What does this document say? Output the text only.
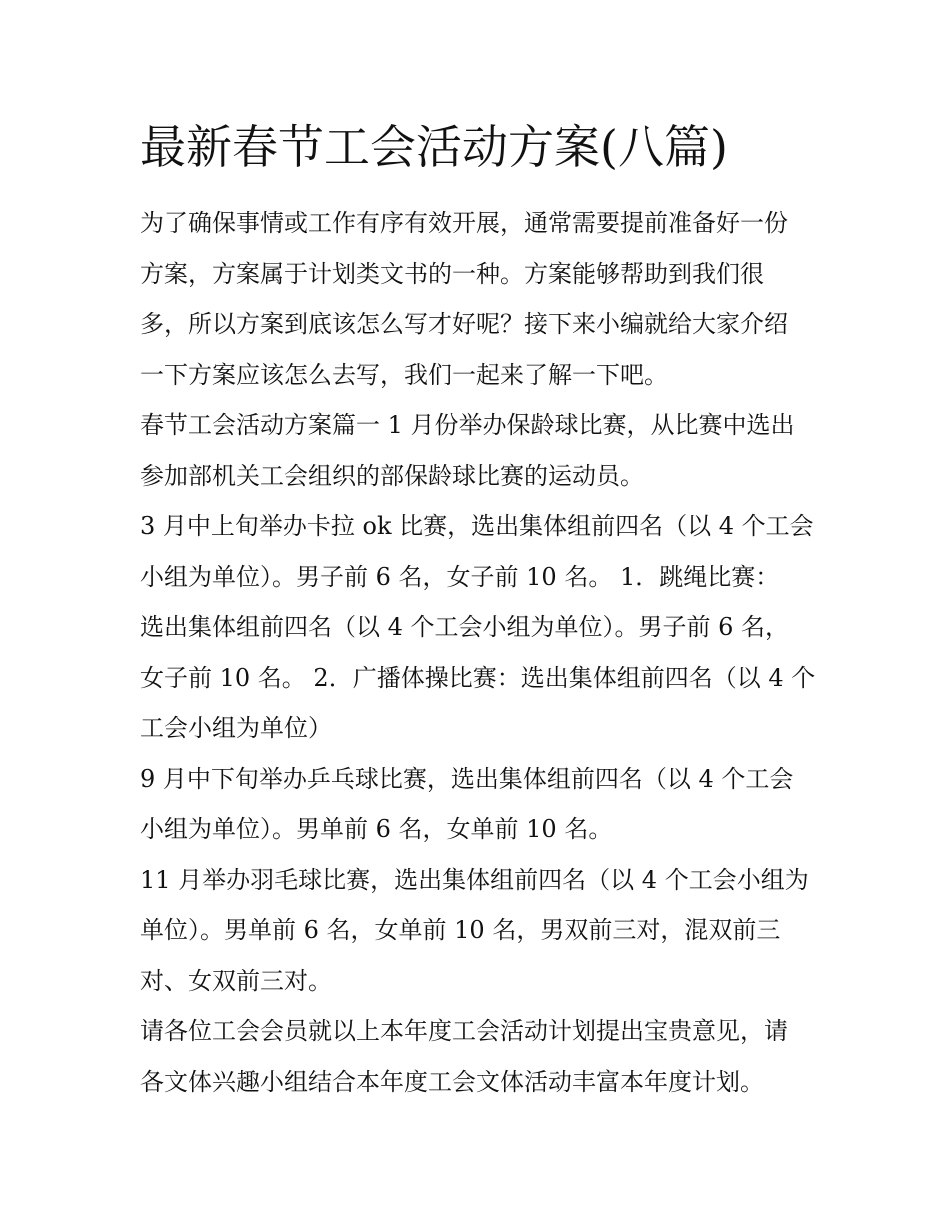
最新春节工会活动方案(八篇)

为了确保事情或工作有序有效开展，通常需要提前准备好一份
方案，方案属于计划类文书的一种。方案能够帮助到我们很
多，所以方案到底该怎么写才好呢？接下来小编就给大家介绍
一下方案应该怎么去写，我们一起来了解一下吧。

春节工会活动方案篇一 1 月份举办保龄球比赛，从比赛中选出
参加部机关工会组织的部保龄球比赛的运动员。

3 月中上旬举办卡拉 ok 比赛，选出集体组前四名（以 4 个工会
小组为单位）。男子前 6 名，女子前 10 名。 1．跳绳比赛：
选出集体组前四名（以 4 个工会小组为单位）。男子前 6 名，
女子前 10 名。 2．广播体操比赛：选出集体组前四名（以 4 个
工会小组为单位）

9 月中下旬举办乒乓球比赛，选出集体组前四名（以 4 个工会
小组为单位）。男单前 6 名，女单前 10 名。

11 月举办羽毛球比赛，选出集体组前四名（以 4 个工会小组为
单位）。男单前 6 名，女单前 10 名，男双前三对，混双前三
对、女双前三对。

请各位工会会员就以上本年度工会活动计划提出宝贵意见，请
各文体兴趣小组结合本年度工会文体活动丰富本年度计划。
